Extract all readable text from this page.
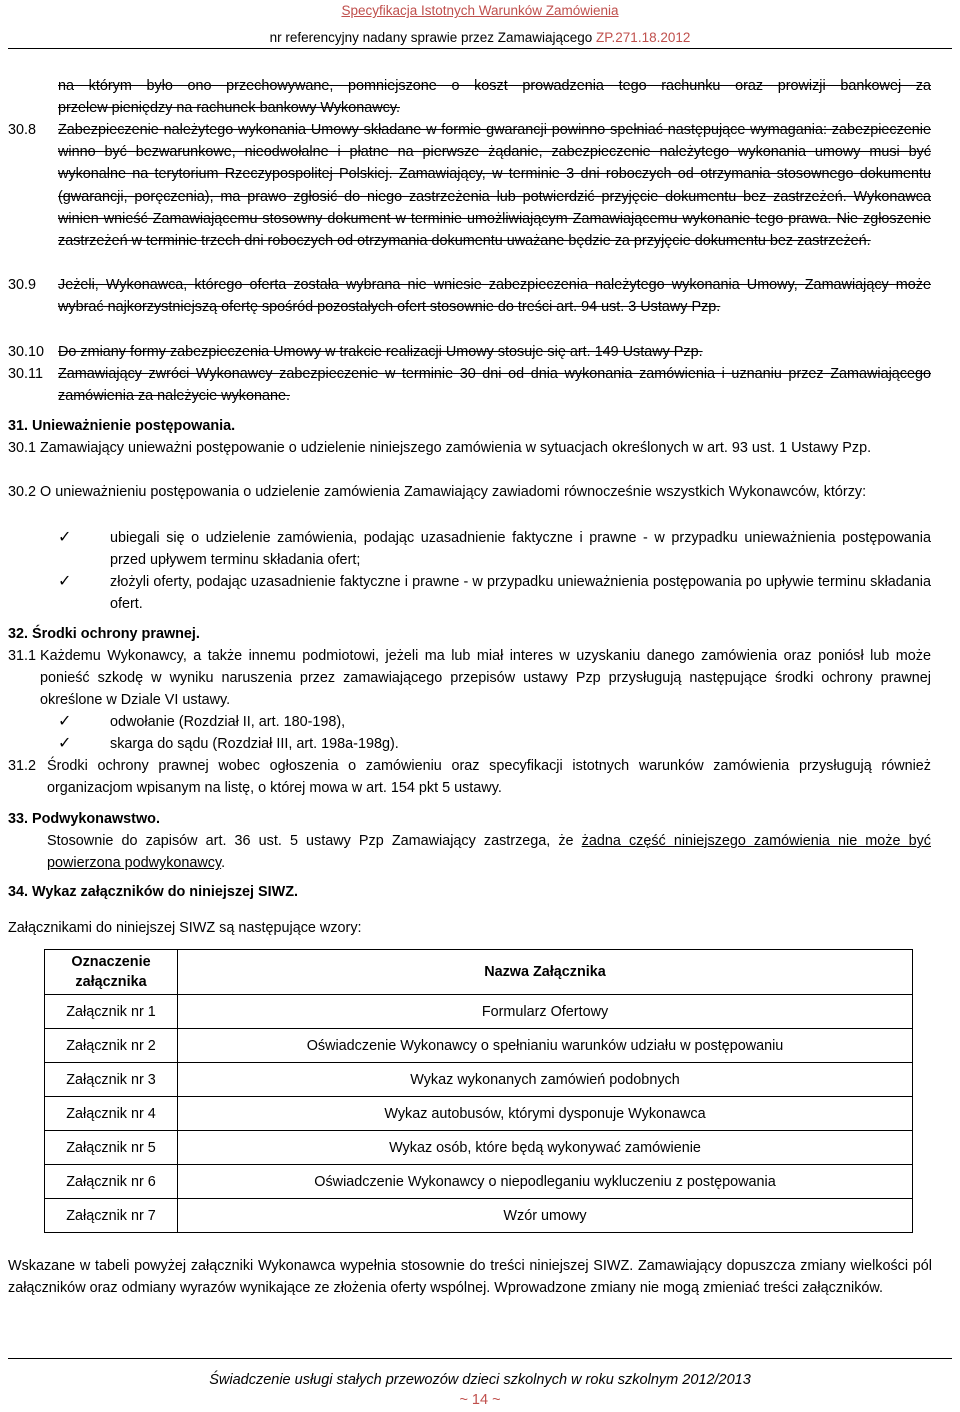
Specyfikacja Istotnych Warunków Zamówienia
nr referencyjny nadany sprawie przez Zamawiającego ZP.271.18.2012
na którym było ono przechowywane, pomniejszone o koszt prowadzenia tego rachunku oraz prowizji bankowej za
przelew pieniędzy na rachunek bankowy Wykonawcy.
30.8	Zabezpieczenie należytego wykonania Umowy składane w formie gwarancji powinno spełniać następujące wymagania: zabezpieczenie winno być bezwarunkowe, nieodwołalne i płatne na pierwsze żądanie, zabezpieczenie należytego wykonania umowy musi być wykonalne na terytorium Rzeczypospolitej Polskiej. Zamawiający, w terminie 3 dni roboczych od otrzymania stosownego dokumentu (gwarancji, poręczenia), ma prawo zgłosić do niego zastrzeżenia lub potwierdzić przyjęcie dokumentu bez zastrzeżeń. Wykonawca winien wnieść Zamawiającemu stosowny dokument w terminie umożliwiającym Zamawiającemu wykonanie tego prawa. Nie zgłoszenie zastrzeżeń w terminie trzech dni roboczych od otrzymania dokumentu uważane będzie za przyjęcie dokumentu bez zastrzeżeń.
30.9	Jeżeli, Wykonawca, którego oferta została wybrana nie wniesie zabezpieczenia należytego wykonania Umowy, Zamawiający może wybrać najkorzystniejszą ofertę spośród pozostałych ofert stosownie do treści art. 94 ust. 3 Ustawy Pzp.
30.10 Do zmiany formy zabezpieczenia Umowy w trakcie realizacji Umowy stosuje się art. 149 Ustawy Pzp.
30.11	Zamawiający zwróci Wykonawcy zabezpieczenie w terminie 30 dni od dnia wykonania zamówienia i uznaniu przez Zamawiającego zamówienia za należycie wykonane.
31. Unieważnienie postępowania.
30.1 Zamawiający unieważni postępowanie o udzielenie niniejszego zamówienia w sytuacjach określonych w art. 93 ust. 1 Ustawy Pzp.
30.2 O unieważnieniu postępowania o udzielenie zamówienia Zamawiający zawiadomi równocześnie wszystkich Wykonawców, którzy:
✓	ubiegali się o udzielenie zamówienia, podając uzasadnienie faktyczne i prawne - w przypadku unieważnienia postępowania przed upływem terminu składania ofert;
✓	złożyli oferty, podając uzasadnienie faktyczne i prawne - w przypadku unieważnienia postępowania po upływie terminu składania ofert.
32. Środki ochrony prawnej.
31.1 Każdemu Wykonawcy, a także innemu podmiotowi, jeżeli ma lub miał interes w uzyskaniu danego zamówienia oraz poniósł lub może ponieść szkodę w wyniku naruszenia przez zamawiającego przepisów ustawy Pzp przysługują następujące środki ochrony prawnej określone w Dziale VI ustawy.
✓	odwołanie (Rozdział II, art. 180-198),
✓	skarga do sądu (Rozdział III, art. 198a-198g).
31.2 Środki ochrony prawnej wobec ogłoszenia o zamówieniu oraz specyfikacji istotnych warunków zamówienia przysługują również organizacjom wpisanym na listę, o której mowa w art. 154 pkt 5 ustawy.
33. Podwykonawstwo.
Stosownie do zapisów art. 36 ust. 5 ustawy Pzp Zamawiający zastrzega, że żadna część niniejszego zamówienia nie może być powierzona podwykonawcy.
34. Wykaz załączników do niniejszej SIWZ.
Załącznikami do niniejszej SIWZ są następujące wzory:
Oznaczenie załącznika	Nazwa Załącznika
Załącznik nr 1	Formularz Ofertowy
Załącznik nr 2	Oświadczenie Wykonawcy o spełnianiu warunków udziału w postępowaniu
Załącznik nr 3	Wykaz wykonanych zamówień podobnych
Załącznik nr 4	Wykaz autobusów, którymi dysponuje Wykonawca
Załącznik nr 5	Wykaz osób, które będą wykonywać zamówienie
Załącznik nr 6	Oświadczenie Wykonawcy o niepodleganiu wykluczeniu z postępowania
Załącznik nr 7	Wzór umowy
Wskazane w tabeli powyżej załączniki Wykonawca wypełnia stosownie do treści niniejszej SIWZ. Zamawiający dopuszcza zmiany wielkości pól załączników oraz odmiany wyrazów wynikające ze złożenia oferty wspólnej. Wprowadzone zmiany nie mogą zmieniać treści załączników.
Świadczenie usługi stałych przewozów dzieci szkolnych w roku szkolnym 2012/2013
~ 14 ~
